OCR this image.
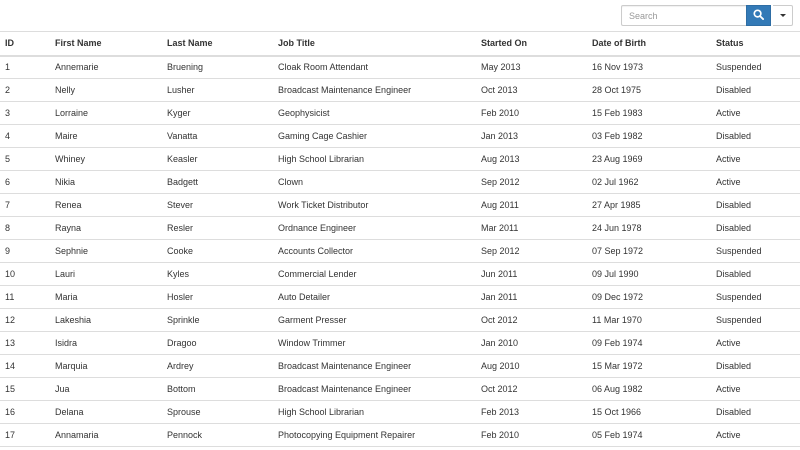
Search
ID	First Name	Last Name	Job Title	Started On	Date of Birth	Status
1	Annemarie	Bruening	Cloak Room Attendant	May 2013	16 Nov 1973	Suspended
2	Nelly	Lusher	Broadcast Maintenance Engineer	Oct 2013	28 Oct 1975	Disabled
3	Lorraine	Kyger	Geophysicist	Feb 2010	15 Feb 1983	Active
4	Maire	Vanatta	Gaming Cage Cashier	Jan 2013	03 Feb 1982	Disabled
5	Whiney	Keasler	High School Librarian	Aug 2013	23 Aug 1969	Active
6	Nikia	Badgett	Clown	Sep 2012	02 Jul 1962	Active
7	Renea	Stever	Work Ticket Distributor	Aug 2011	27 Apr 1985	Disabled
8	Rayna	Resler	Ordnance Engineer	Mar 2011	24 Jun 1978	Disabled
9	Sephnie	Cooke	Accounts Collector	Sep 2012	07 Sep 1972	Suspended
10	Lauri	Kyles	Commercial Lender	Jun 2011	09 Jul 1990	Disabled
11	Maria	Hosler	Auto Detailer	Jan 2011	09 Dec 1972	Suspended
12	Lakeshia	Sprinkle	Garment Presser	Oct 2012	11 Mar 1970	Suspended
13	Isidra	Dragoo	Window Trimmer	Jan 2010	09 Feb 1974	Active
14	Marquia	Ardrey	Broadcast Maintenance Engineer	Aug 2010	15 Mar 1972	Disabled
15	Jua	Bottom	Broadcast Maintenance Engineer	Oct 2012	06 Aug 1982	Active
16	Delana	Sprouse	High School Librarian	Feb 2013	15 Oct 1966	Disabled
17	Annamaria	Pennock	Photocopying Equipment Repairer	Feb 2010	05 Feb 1974	Active
